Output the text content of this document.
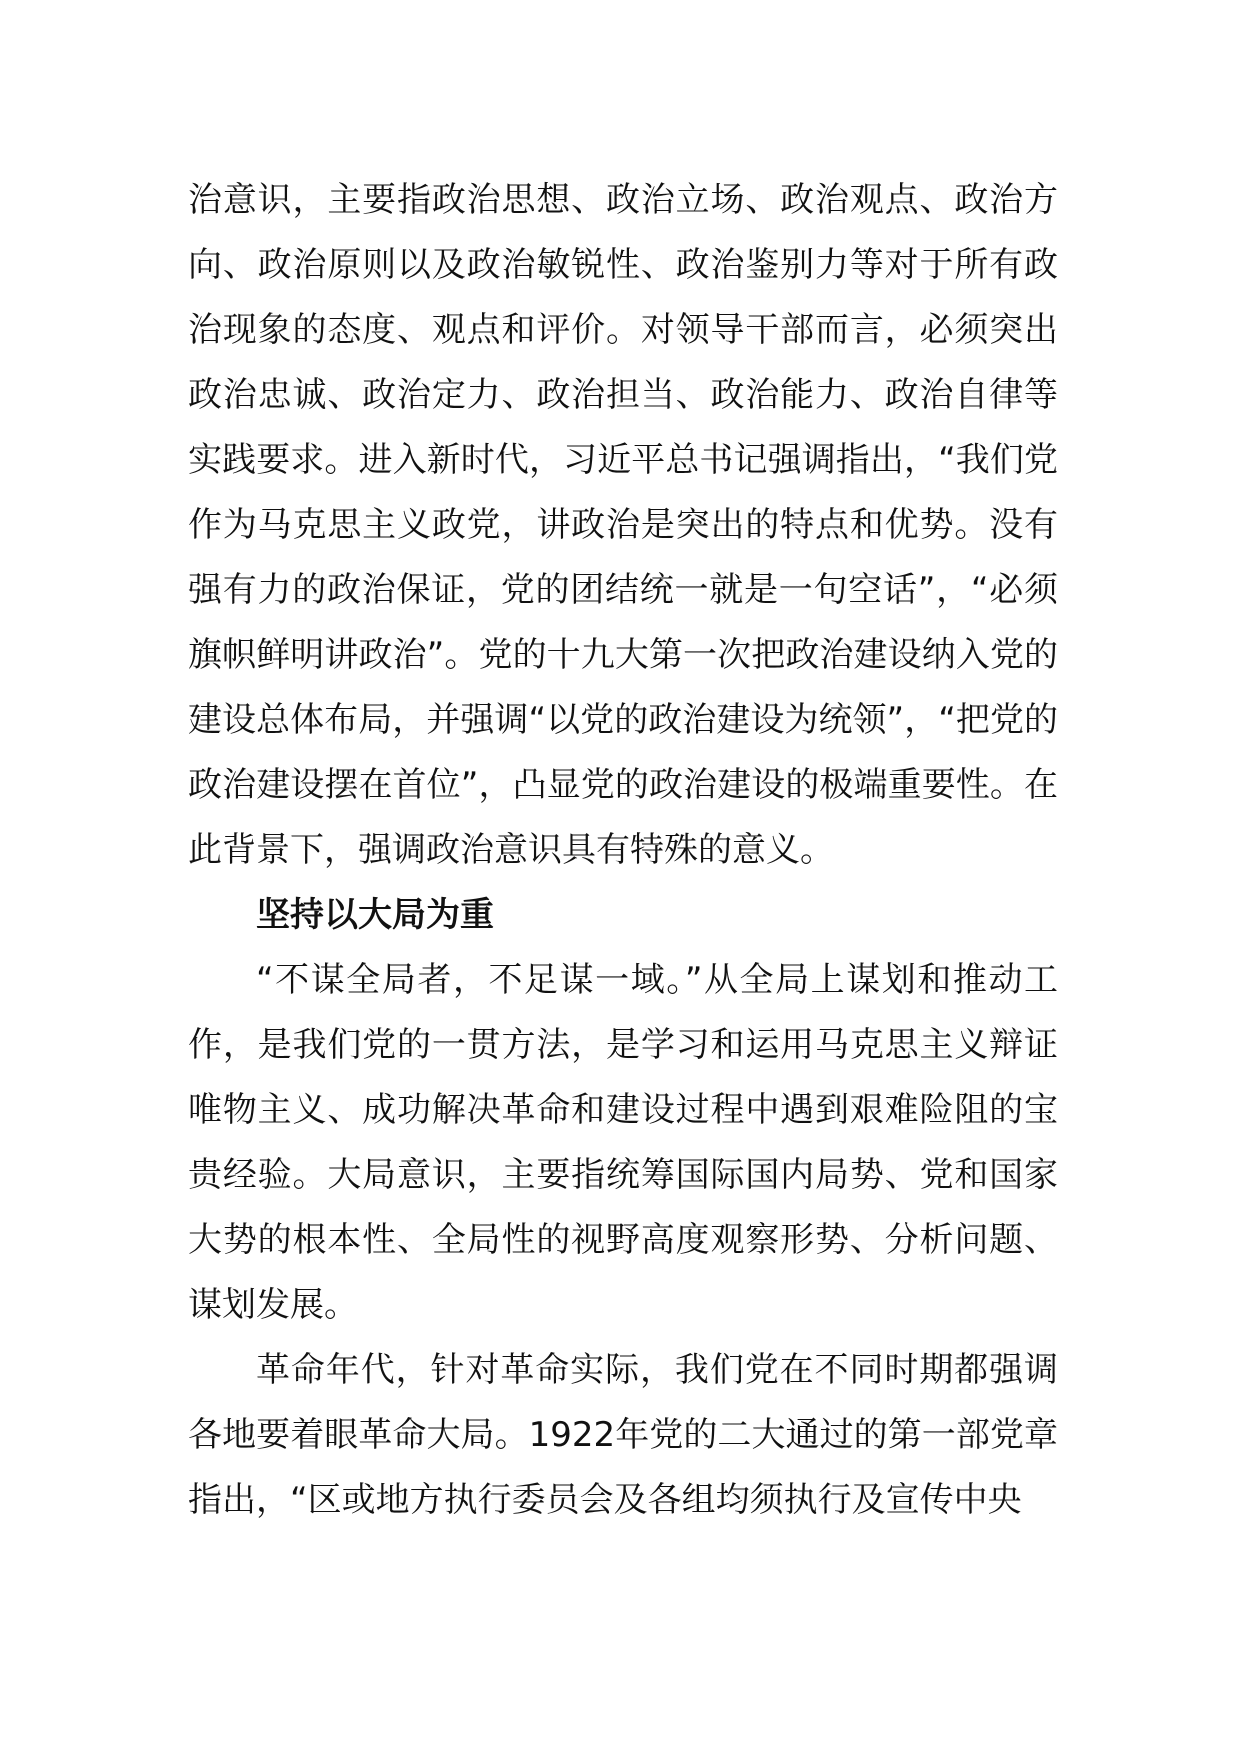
治意识，主要指政治思想、政治立场、政治观点、政治方向、政治原则以及政治敏锐性、政治鉴别力等对于所有政治现象的态度、观点和评价。对领导干部而言，必须突出政治忠诚、政治定力、政治担当、政治能力、政治自律等实践要求。进入新时代，习近平总书记强调指出，“我们党作为马克思主义政党，讲政治是突出的特点和优势。没有强有力的政治保证，党的团结统一就是一句空话”，“必须旗帜鲜明讲政治”。党的十九大第一次把政治建设纳入党的建设总体布局，并强调“以党的政治建设为统领”，“把党的政治建设摆在首位”，凸显党的政治建设的极端重要性。在此背景下，强调政治意识具有特殊的意义。

坚持以大局为重

“不谋全局者，不足谋一域。”从全局上谋划和推动工作，是我们党的一贯方法，是学习和运用马克思主义辩证唯物主义、成功解决革命和建设过程中遇到艰难险阻的宝贵经验。大局意识，主要指统筹国际国内局势、党和国家大势的根本性、全局性的视野高度观察形势、分析问题、谋划发展。

革命年代，针对革命实际，我们党在不同时期都强调各地要着眼革命大局。1922年党的二大通过的第一部党章指出，“区或地方执行委员会及各组均须执行及宣传中央
